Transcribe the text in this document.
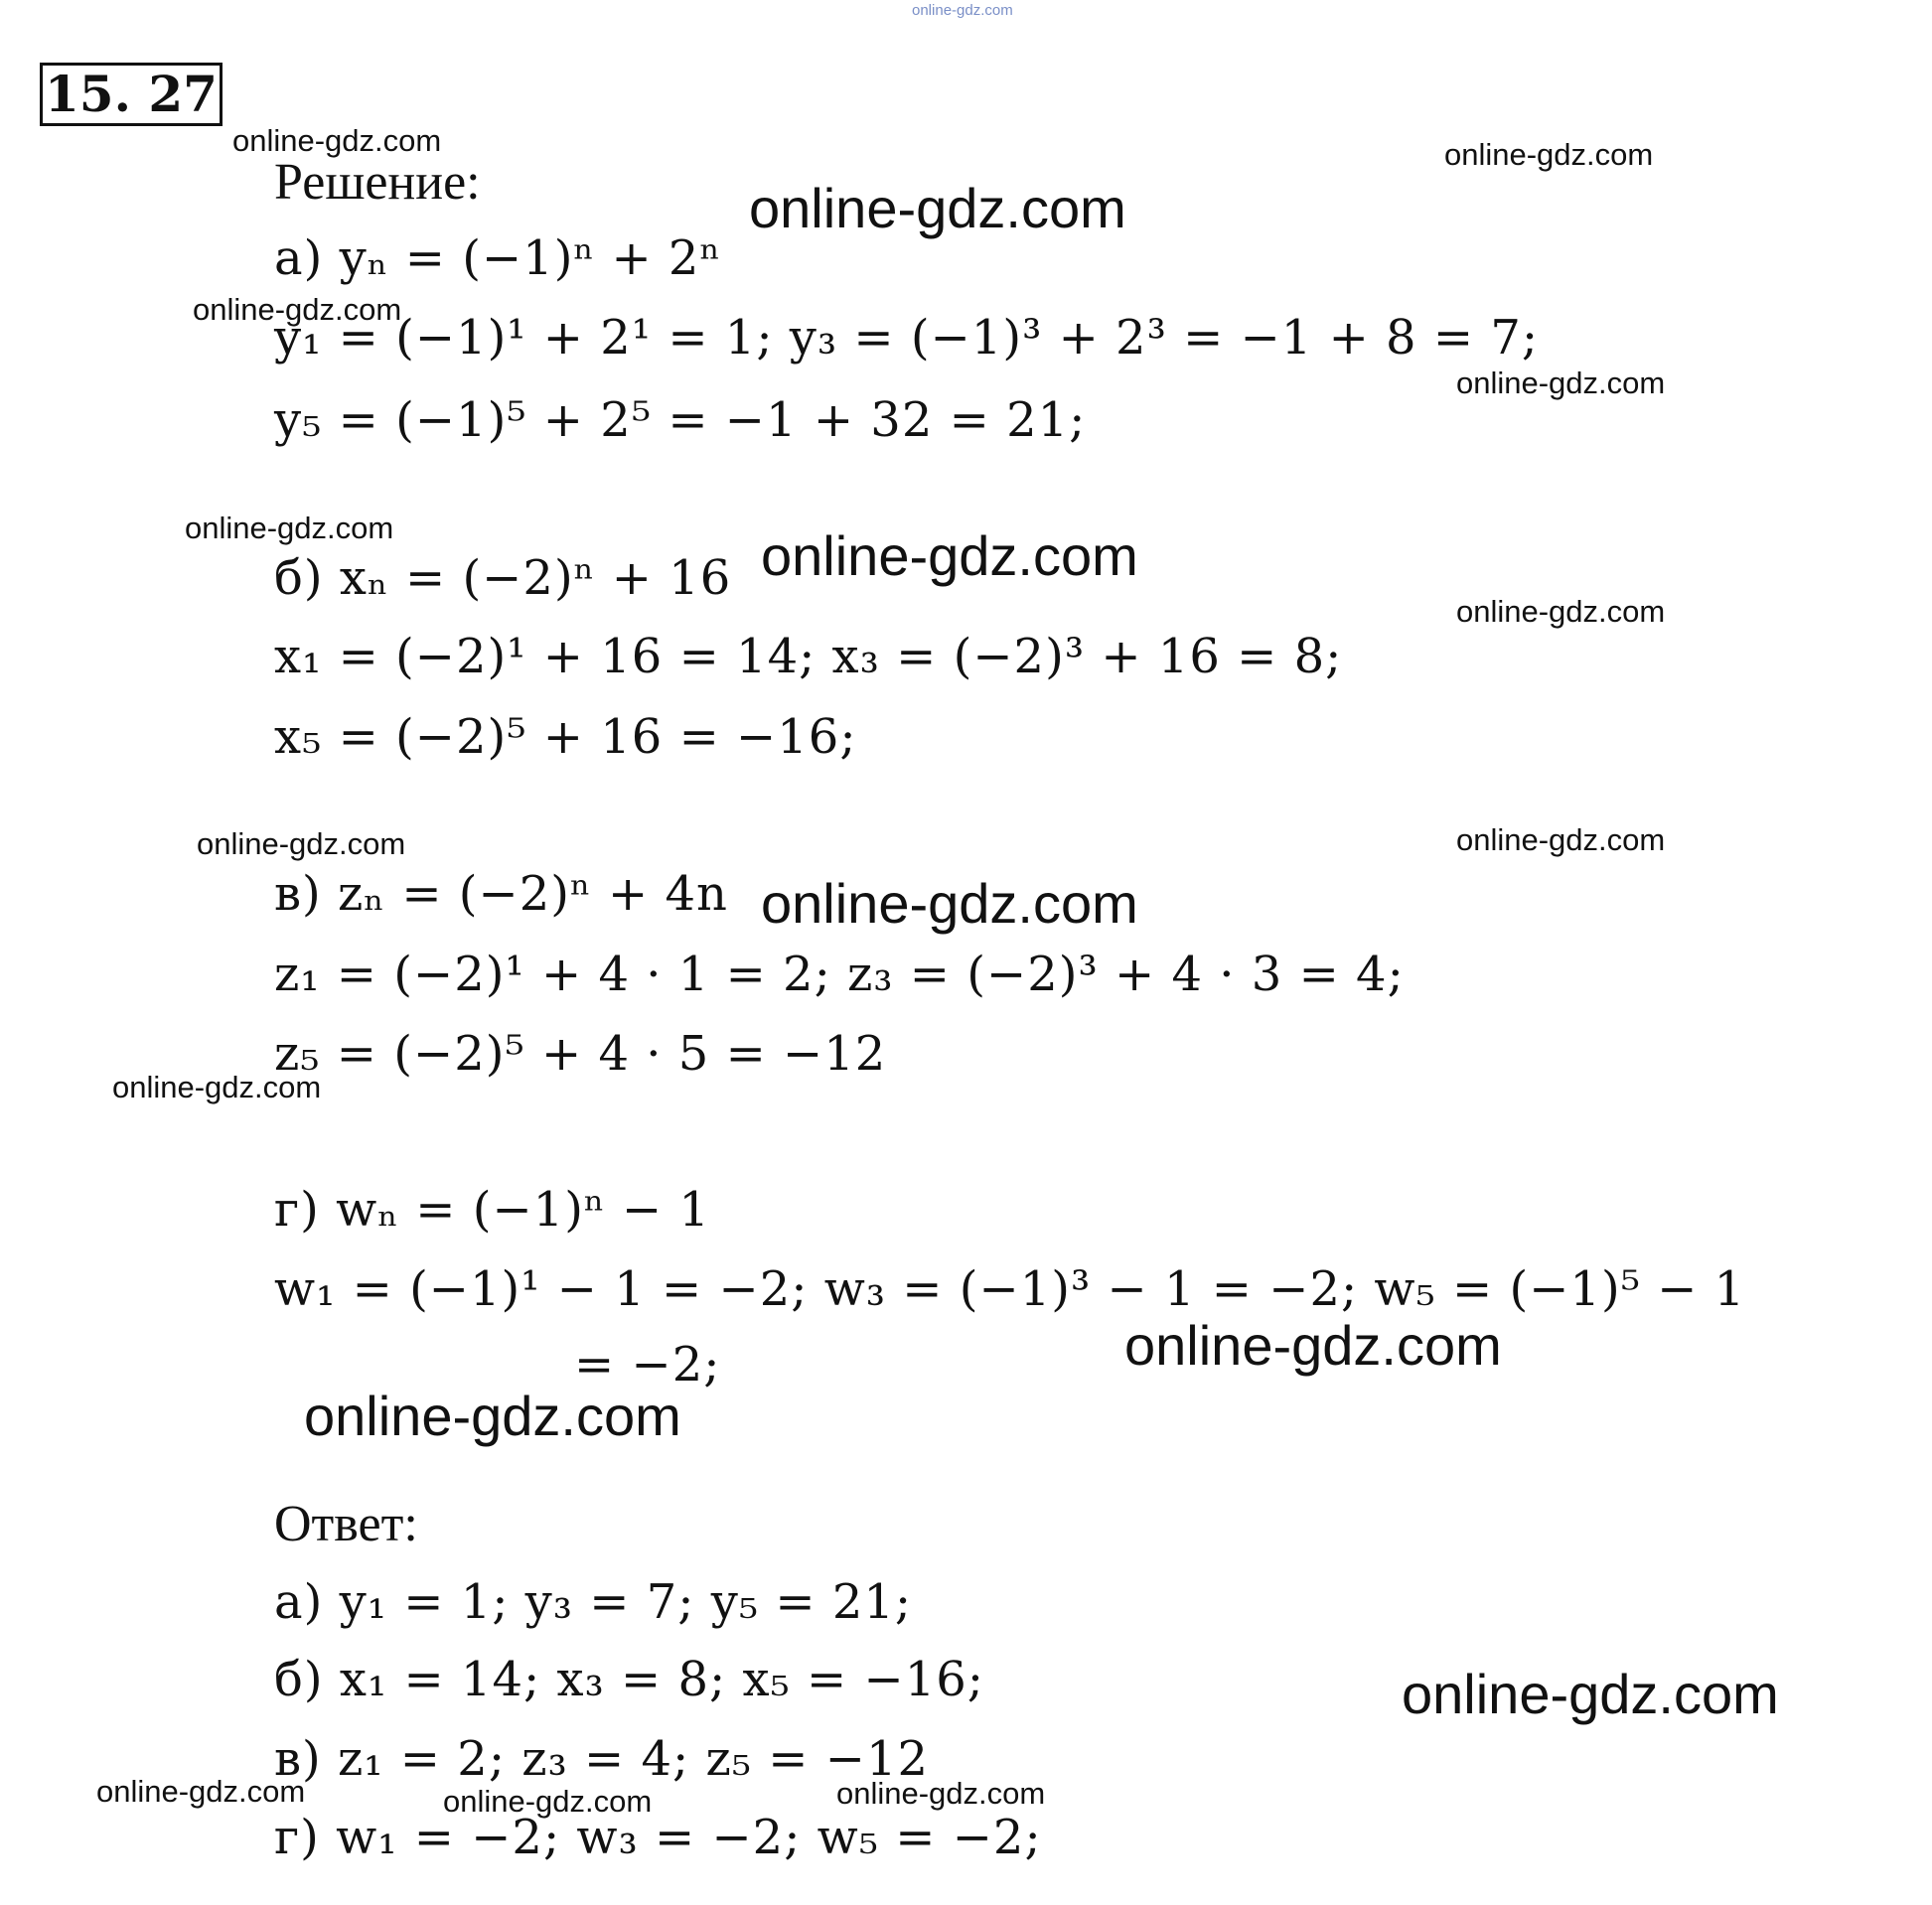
15. 27
Решение:
а) yₙ = (−1)ⁿ + 2ⁿ
y₁ = (−1)¹ + 2¹ = 1; y₃ = (−1)³ + 2³ = −1 + 8 = 7;
y₅ = (−1)⁵ + 2⁵ = −1 + 32 = 21;
б) xₙ = (−2)ⁿ + 16
x₁ = (−2)¹ + 16 = 14; x₃ = (−2)³ + 16 = 8;
x₅ = (−2)⁵ + 16 = −16;
в) zₙ = (−2)ⁿ + 4n
z₁ = (−2)¹ + 4 · 1 = 2; z₃ = (−2)³ + 4 · 3 = 4;
z₅ = (−2)⁵ + 4 · 5 = −12
г) wₙ = (−1)ⁿ − 1
w₁ = (−1)¹ − 1 = −2; w₃ = (−1)³ − 1 = −2; w₅ = (−1)⁵ − 1
= −2;
Ответ:
а) y₁ = 1; y₃ = 7; y₅ = 21;
б) x₁ = 14; x₃ = 8; x₅ = −16;
в) z₁ = 2; z₃ = 4; z₅ = −12
г) w₁ = −2; w₃ = −2; w₅ = −2;
online-gdz.com
online-gdz.com	online-gdz.com
online-gdz.com
online-gdz.com
online-gdz.com
online-gdz.com	online-gdz.com
online-gdz.com
online-gdz.com	online-gdz.com
online-gdz.com
online-gdz.com
online-gdz.com
online-gdz.com
online-gdz.com
online-gdz.com	online-gdz.com	online-gdz.com
